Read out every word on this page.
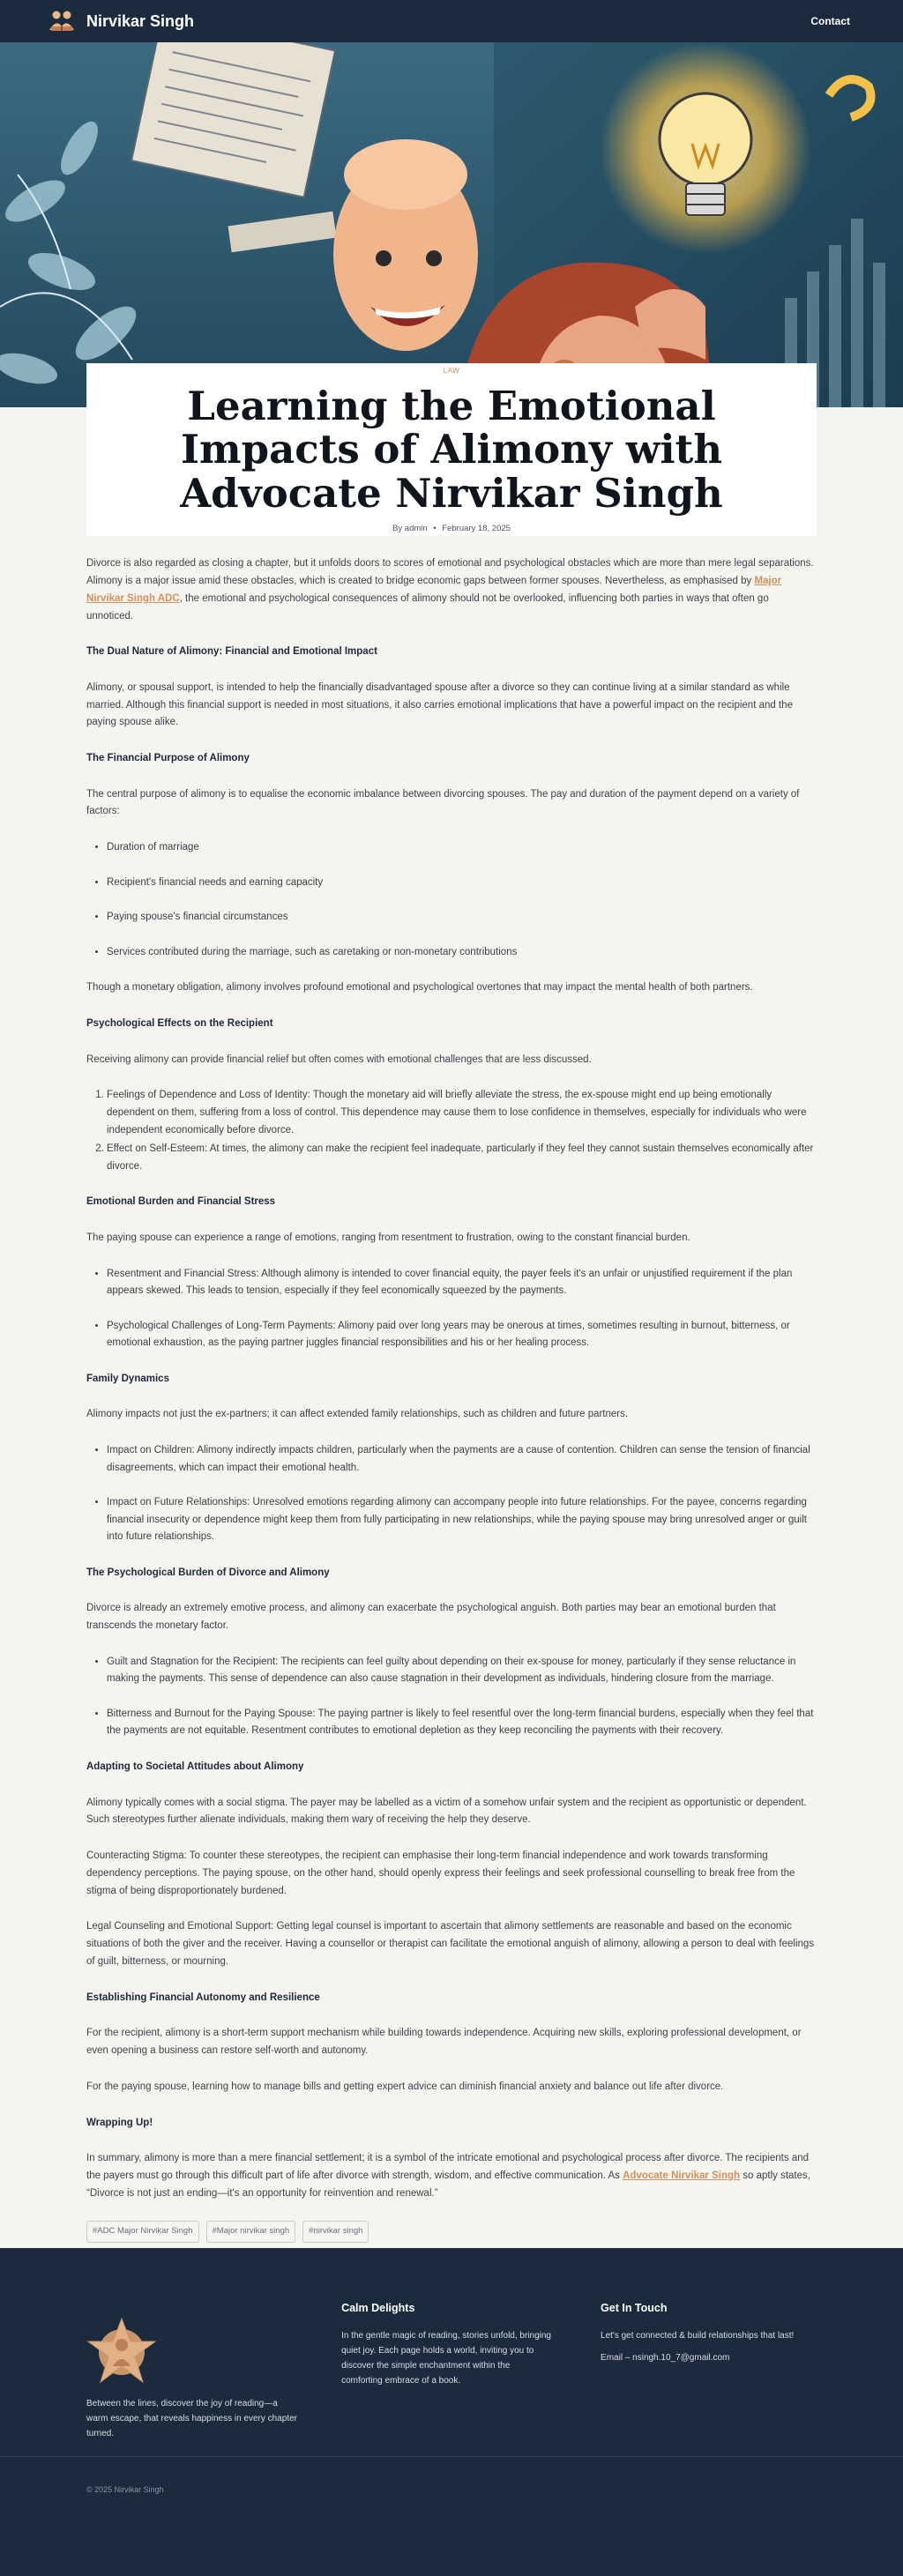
Nirvikar Singh	Contact
LAW
Learning the Emotional Impacts of Alimony with Advocate Nirvikar Singh
By admin • February 18, 2025

Divorce is also regarded as closing a chapter, but it unfolds doors to scores of emotional and psychological obstacles which are more than mere legal separations. Alimony is a major issue amid these obstacles, which is created to bridge economic gaps between former spouses. Nevertheless, as emphasised by Major Nirvikar Singh ADC, the emotional and psychological consequences of alimony should not be overlooked, influencing both parties in ways that often go unnoticed.

The Dual Nature of Alimony: Financial and Emotional Impact

Alimony, or spousal support, is intended to help the financially disadvantaged spouse after a divorce so they can continue living at a similar standard as while married. Although this financial support is needed in most situations, it also carries emotional implications that have a powerful impact on the recipient and the paying spouse alike.

The Financial Purpose of Alimony

The central purpose of alimony is to equalise the economic imbalance between divorcing spouses. The pay and duration of the payment depend on a variety of factors:

• Duration of marriage
• Recipient's financial needs and earning capacity
• Paying spouse's financial circumstances
• Services contributed during the marriage, such as caretaking or non-monetary contributions

Though a monetary obligation, alimony involves profound emotional and psychological overtones that may impact the mental health of both partners.

Psychological Effects on the Recipient

Receiving alimony can provide financial relief but often comes with emotional challenges that are less discussed.

1. Feelings of Dependence and Loss of Identity: Though the monetary aid will briefly alleviate the stress, the ex-spouse might end up being emotionally dependent on them, suffering from a loss of control. This dependence may cause them to lose confidence in themselves, especially for individuals who were independent economically before divorce.
2. Effect on Self-Esteem: At times, the alimony can make the recipient feel inadequate, particularly if they feel they cannot sustain themselves economically after divorce.
Emotional Burden and Financial Stress

The paying spouse can experience a range of emotions, ranging from resentment to frustration, owing to the constant financial burden.

• Resentment and Financial Stress: Although alimony is intended to cover financial equity, the payer feels it's an unfair or unjustified requirement if the plan appears skewed. This leads to tension, especially if they feel economically squeezed by the payments.
• Psychological Challenges of Long-Term Payments: Alimony paid over long years may be onerous at times, sometimes resulting in burnout, bitterness, or emotional exhaustion, as the paying partner juggles financial responsibilities and his or her healing process.
Family Dynamics

Alimony impacts not just the ex-partners; it can affect extended family relationships, such as children and future partners.

• Impact on Children: Alimony indirectly impacts children, particularly when the payments are a cause of contention. Children can sense the tension of financial disagreements, which can impact their emotional health.
• Impact on Future Relationships: Unresolved emotions regarding alimony can accompany people into future relationships. For the payee, concerns regarding financial insecurity or dependence might keep them from fully participating in new relationships, while the paying spouse may bring unresolved anger or guilt into future relationships.
The Psychological Burden of Divorce and Alimony

Divorce is already an extremely emotive process, and alimony can exacerbate the psychological anguish. Both parties may bear an emotional burden that transcends the monetary factor.

• Guilt and Stagnation for the Recipient: The recipients can feel guilty about depending on their ex-spouse for money, particularly if they sense reluctance in making the payments. This sense of dependence can also cause stagnation in their development as individuals, hindering closure from the marriage.
• Bitterness and Burnout for the Paying Spouse: The paying partner is likely to feel resentful over the long-term financial burdens, especially when they feel that the payments are not equitable. Resentment contributes to emotional depletion as they keep reconciling the payments with their recovery.
Adapting to Societal Attitudes about Alimony

Alimony typically comes with a social stigma. The payer may be labelled as a victim of a somehow unfair system and the recipient as opportunistic or dependent. Such stereotypes further alienate individuals, making them wary of receiving the help they deserve.

Counteracting Stigma: To counter these stereotypes, the recipient can emphasise their long-term financial independence and work towards transforming dependency perceptions. The paying spouse, on the other hand, should openly express their feelings and seek professional counselling to break free from the stigma of being disproportionately burdened.

Legal Counseling and Emotional Support: Getting legal counsel is important to ascertain that alimony settlements are reasonable and based on the economic situations of both the giver and the receiver. Having a counsellor or therapist can facilitate the emotional anguish of alimony, allowing a person to deal with feelings of guilt, bitterness, or mourning.

Establishing Financial Autonomy and Resilience

For the recipient, alimony is a short-term support mechanism while building towards independence. Acquiring new skills, exploring professional development, or even opening a business can restore self-worth and autonomy.

For the paying spouse, learning how to manage bills and getting expert advice can diminish financial anxiety and balance out life after divorce.

Wrapping Up!

In summary, alimony is more than a mere financial settlement; it is a symbol of the intricate emotional and psychological process after divorce. The recipients and the payers must go through this difficult part of life after divorce with strength, wisdom, and effective communication. As Advocate Nirvikar Singh so aptly states, “Divorce is not just an ending—it's an opportunity for reinvention and renewal.”

#ADC Major Nirvikar Singh	#Major nirvikar singh	#nirvikar singh

Between the lines, discover the joy of reading—a warm escape, that reveals happiness in every chapter turned.

Calm Delights

In the gentle magic of reading, stories unfold, bringing quiet joy. Each page holds a world, inviting you to discover the simple enchantment within the comforting embrace of a book.

Get In Touch

Let's get connected & build relationships that last!

Email – nsingh.10_7@gmail.com

© 2025 Nirvikar Singh
